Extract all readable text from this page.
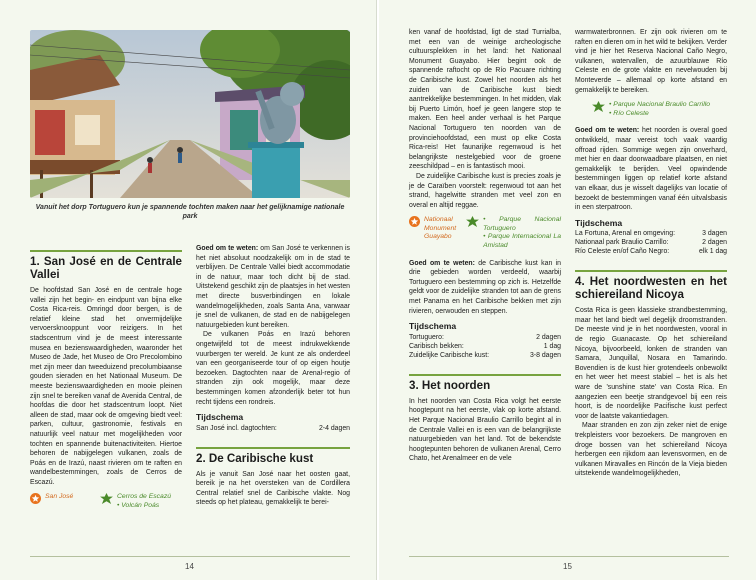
Vanuit het dorp Tortuguero kun je spannende tochten maken naar het gelijknamige nationale park
1. San José en de Centrale Vallei

De hoofdstad San José en de centrale hoge vallei zijn het begin- en eindpunt van bijna elke Costa Rica-reis. Omringd door bergen, is de relatief kleine stad het onvermijdelijke vervoersknooppunt voor reizigers. In het stadscentrum vind je de meest interessante musea en bezienswaardigheden, waaronder het Museo de Jade, het Museo de Oro Precolombino met zijn meer dan tweeduizend precolumbiaanse gouden sieraden en het Nationaal Museum. De meeste bezienswaardigheden en mooie pleinen zijn snel te bereiken vanaf de Avenida Central, de hoofdas die door het stadscentrum loopt. Niet alleen de stad, maar ook de omgeving biedt veel: parken, cultuur, gastronomie, festivals en natuurlijk veel natuur met mogelijkheden voor tochten en spannende buitenactiviteiten. Hiertoe behoren de nabijgelegen vulkanen, zoals de Poás en de Irazú, naast rivieren om te raften en wandelbestemmingen, zoals de Cerros de Escazú.

San José	Cerros de Escazú
• Volcán Poás

Goed om te weten: om San José te verkennen is het niet absoluut noodzakelijk om in de stad te verblijven. De Centrale Vallei biedt accommodatie in de natuur, maar toch dicht bij de stad. Uitstekend geschikt zijn de plaatsjes in het westen met directe busverbindingen en lokale wandelmogelijkheden, zoals Santa Ana, vanwaar je snel de vulkanen, de stad en de nabijgelegen natuurgebieden kunt bereiken.

De vulkanen Poás en Irazú behoren ongetwijfeld tot de meest indrukwekkende vuurbergen ter wereld. Je kunt ze als onderdeel van een georganiseerde tour of op eigen houtje bezoeken. Dagtochten naar de Arenal-regio of stranden zijn ook mogelijk, maar deze bestemmingen komen afzonderlijk beter tot hun recht tijdens een rondreis.

Tijdschema
San José incl. dagtochten:	2-4 dagen
2. De Caribische kust

Als je vanuit San José naar het oosten gaat, bereik je na het oversteken van de Cordillera Central relatief snel de Caribische vlakte. Nog steeds op het plateau, gemakkelijk te berei-

14

ken vanaf de hoofdstad, ligt de stad Turrialba, met een van de weinige archeologische cultuursplekken in het land: het Nationaal Monument Guayabo. Hier begint ook de spannende raftocht op de Río Pacuare richting de Caribische kust. Zowel het noorden als het zuiden van de Caribische kust biedt aantrekkelijke bestemmingen. In het midden, vlak bij Puerto Limón, hoef je geen langere stop te maken. Een heel ander verhaal is het Parque Nacional Tortuguero ten noorden van de provinciehoofdstad, een must op elke Costa Rica-reis! Het faunarijke regenwoud is het belangrijkste nestelgebied voor de groene zeeschildpad – en is fantastisch mooi.

De zuidelijke Caribische kust is precies zoals je je de Caraïben voorstelt: regenwoud tot aan het strand, hagelwitte stranden met veel zon en overal en altijd reggae.

Nationaal Monument Guayabo
• Parque Nacional Tortuguero
• Parque Internacional La Amistad

Goed om te weten: de Caribische kust kan in drie gebieden worden verdeeld, waarbij Tortuguero een bestemming op zich is. Hetzelfde geldt voor de zuidelijke stranden tot aan de grens met Panama en het Caribische bekken met zijn rivieren, oerwouden en steppen.

Tijdschema
Tortuguero:	2 dagen
Caribisch bekken:	1 dag
Zuidelijke Caribische kust:	3-8 dagen
3. Het noorden

In het noorden van Costa Rica volgt het eerste hoogtepunt na het eerste, vlak op korte afstand. Het Parque Nacional Braulio Carrillo begint al in de Centrale Vallei en is een van de belangrijkste natuurgebieden van het land. Tot de bekendste hoogtepunten behoren de vulkanen Arenal, Cerro Chato, het Arenalmeer en de vele

warmwaterbronnen. Er zijn ook rivieren om te raften en dieren om in het wild te bekijken. Verder vind je hier het Reserva Nacional Caño Negro, vulkanen, watervallen, de azuurblauwe Río Celeste en de grote vlakte en nevelwouden bij Monteverde – allemaal op korte afstand en gemakkelijk te bereiken.

• Parque Nacional Braulio Carrillo
• Río Celeste

Goed om te weten: het noorden is overal goed ontwikkeld, maar vereist toch vaak vaardig offroad rijden. Sommige wegen zijn onverhard, met hier en daar doorwaadbare plaatsen, en niet gemakkelijk te berijden. Veel opwindende bestemmingen liggen op relatief korte afstand van elkaar, dus je wisselt dagelijks van locatie of bezoekt de bestemmingen vanaf één uitvalsbasis in een sterpatroon.

Tijdschema
La Fortuna, Arenal en omgeving:	3 dagen
Nationaal park Braulio Carrillo:	2 dagen
Río Celeste en/of Caño Negro:	elk 1 dag
4. Het noordwesten en het schiereiland Nicoya

Costa Rica is geen klassieke strandbestemming, maar het land biedt wel degelijk droomstranden. De meeste vind je in het noordwesten, vooral in de regio Guanacaste. Op het schiereiland Nicoya, bijvoorbeeld, lonken de stranden van Samara, Junquillal, Nosara en Tamarindo. Bovendien is de kust hier grotendeels onbewolkt en het weer het meest stabiel – het is als het ware de 'sunshine state' van Costa Rica. En aangezien een beetje strandgevoel bij een reis hoort, is de noordelijke Pacifische kust perfect voor de laatste vakantiedagen.

Maar stranden en zon zijn zeker niet de enige trekpleisters voor bezoekers. De mangroven en droge bossen van het schiereiland Nicoya herbergen een rijkdom aan levensvormen, en de vulkanen Miravalles en Rincón de la Vieja bieden uitstekende wandelmogelijkheden,

15
